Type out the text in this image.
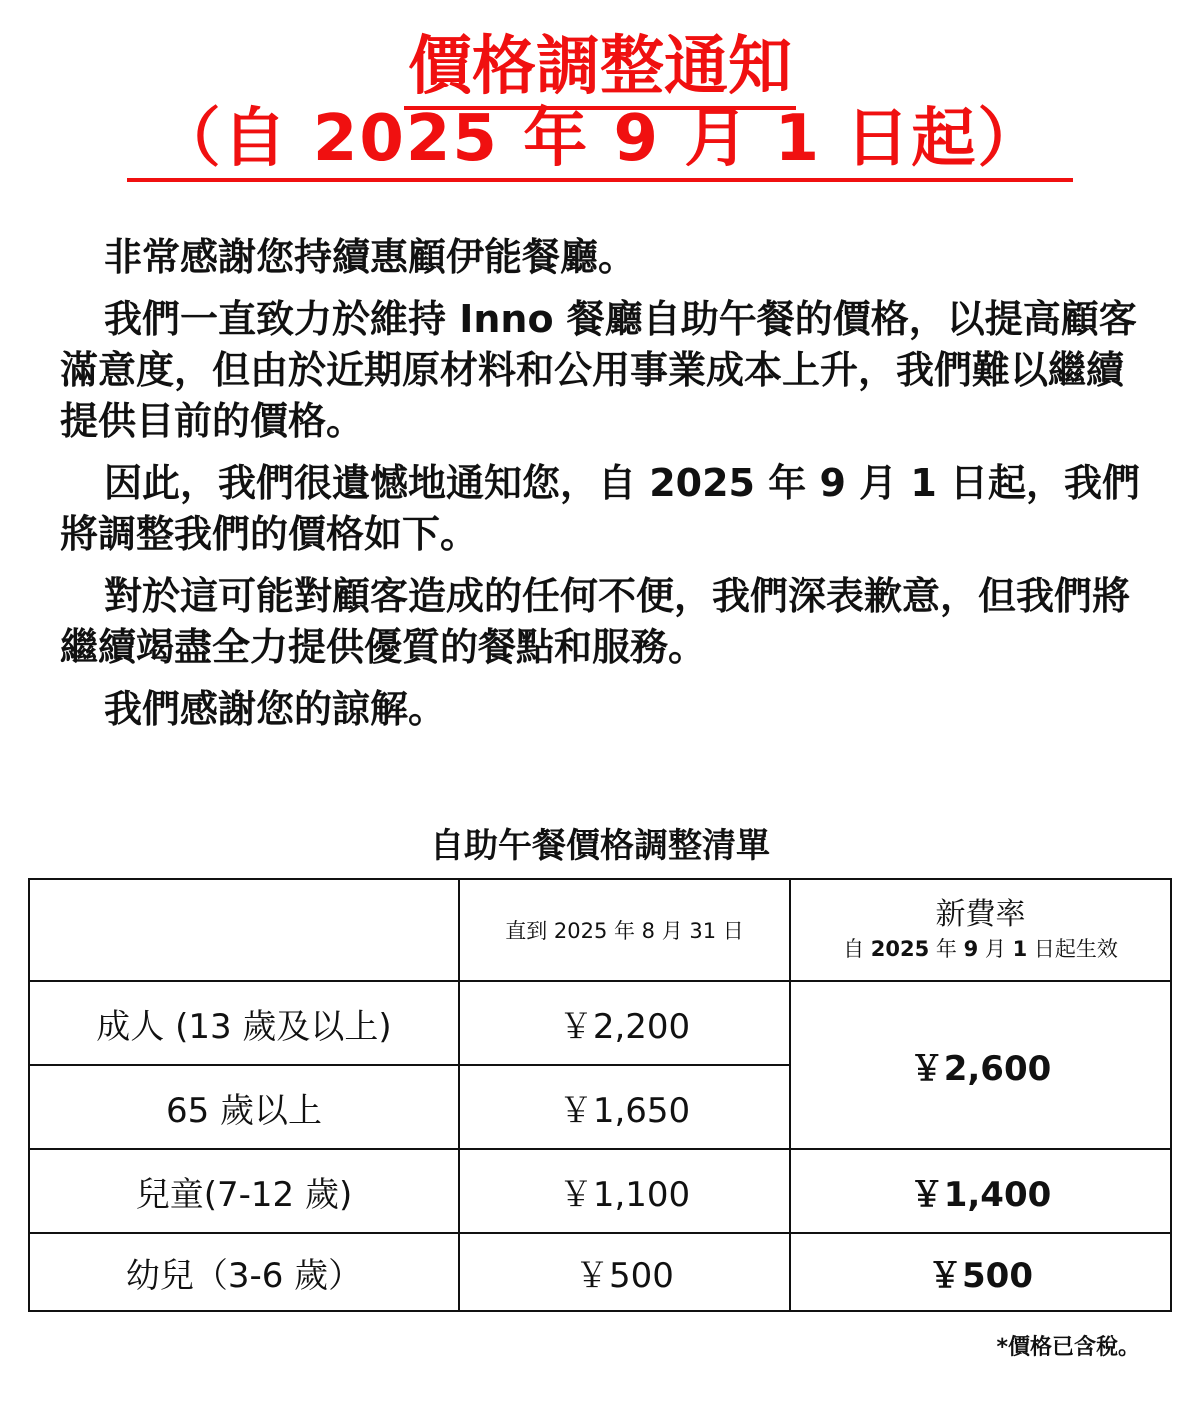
價格調整通知
（自 2025 年 9 月 1 日起）

非常感謝您持續惠顧伊能餐廳。

我們一直致力於維持 Inno 餐廳自助午餐的價格，以提高顧客滿意度，但由於近期原材料和公用事業成本上升，我們難以繼續提供目前的價格。

因此，我們很遺憾地通知您，自 2025 年 9 月 1 日起，我們將調整我們的價格如下。

對於這可能對顧客造成的任何不便，我們深表歉意，但我們將繼續竭盡全力提供優質的餐點和服務。

我們感謝您的諒解。

自助午餐價格調整清單
	直到 2025 年 8 月 31 日	新費率
自 2025 年 9 月 1 日起生效

成人 (13 歲及以上)	￥2,200	￥2,600
65 歲以上	￥1,650	
兒童(7-12 歲)	￥1,100	￥1,400
幼兒（3-6 歲）	￥500	￥500
*價格已含稅。
